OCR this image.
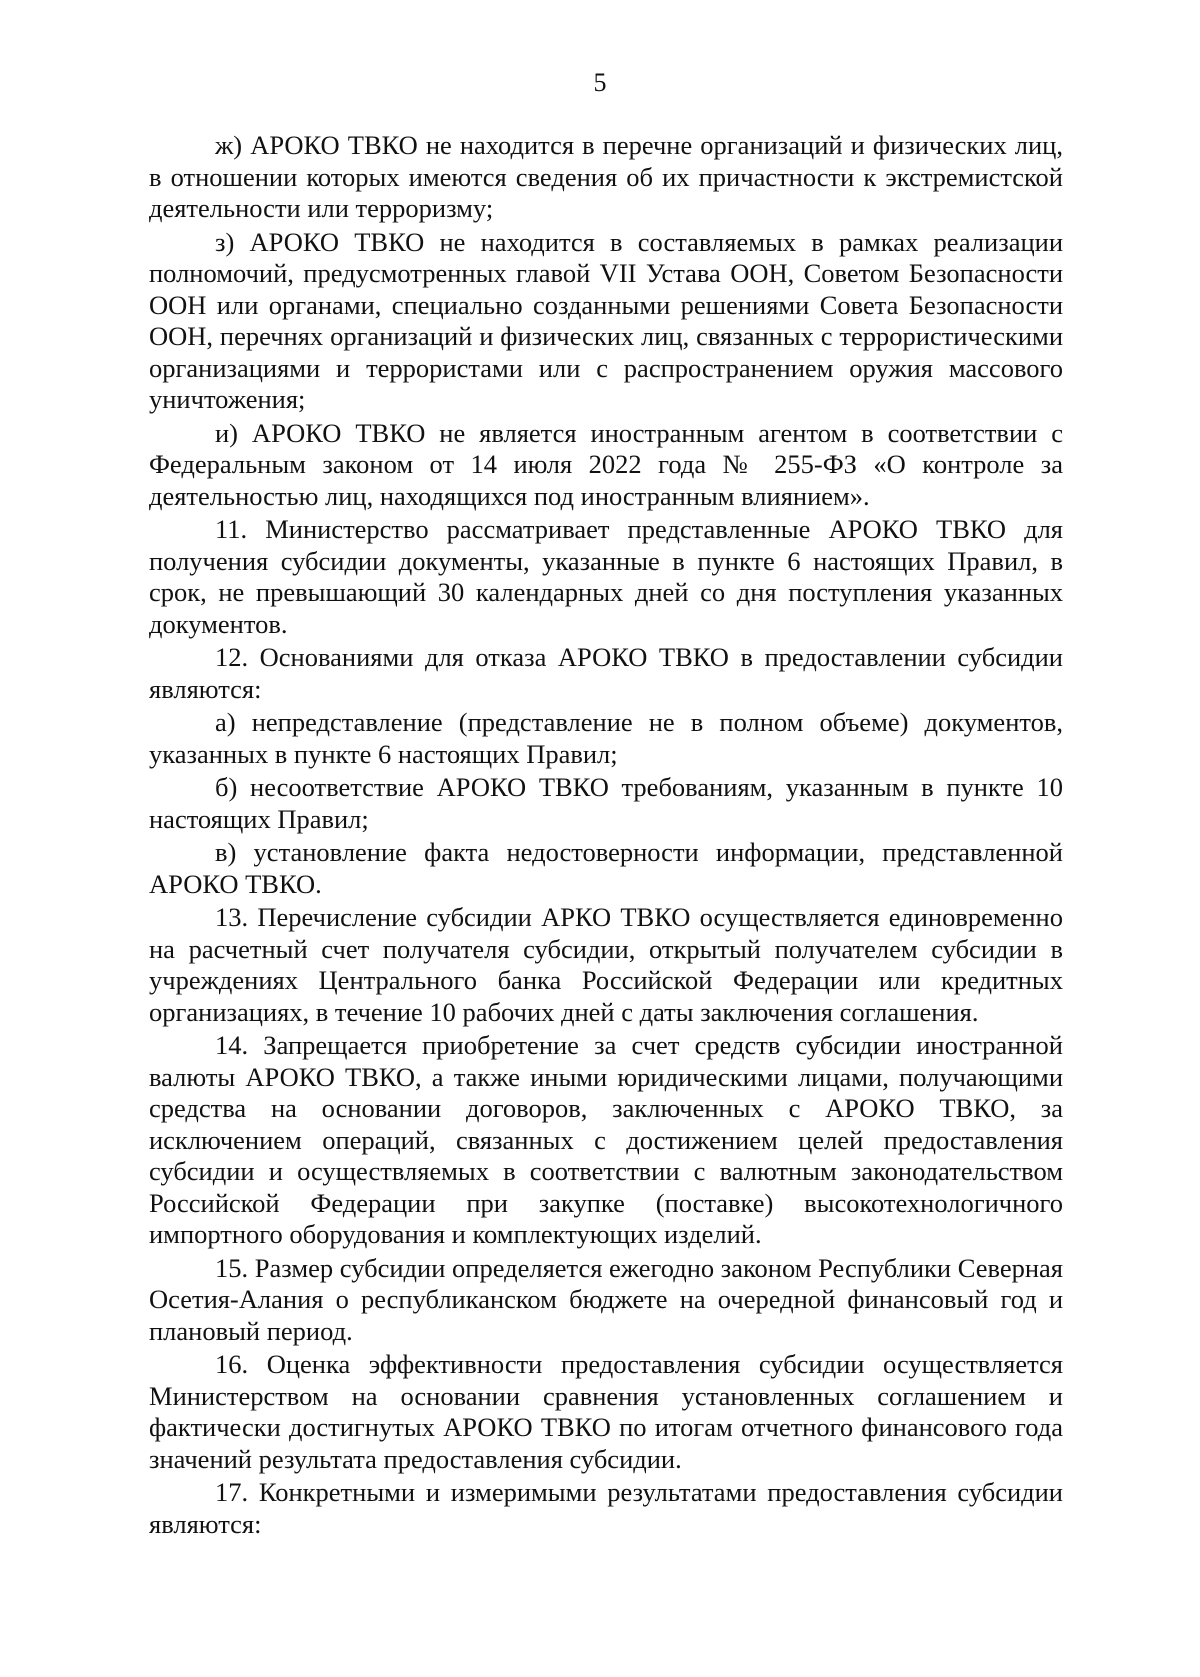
5

ж) АРОКО ТВКО не находится в перечне организаций и физических лиц, в отношении которых имеются сведения об их причастности к экстремистской деятельности или терроризму;

з) АРОКО ТВКО не находится в составляемых в рамках реализации полномочий, предусмотренных главой VII Устава ООН, Советом Безопасности ООН или органами, специально созданными решениями Совета Безопасности ООН, перечнях организаций и физических лиц, связанных с террористическими организациями и террористами или с распространением оружия массового уничтожения;

и) АРОКО ТВКО не является иностранным агентом в соответствии с Федеральным законом от 14 июля 2022 года № 255-ФЗ «О контроле за деятельностью лиц, находящихся под иностранным влиянием».

11. Министерство рассматривает представленные АРОКО ТВКО для получения субсидии документы, указанные в пункте 6 настоящих Правил, в срок, не превышающий 30 календарных дней со дня поступления указанных документов.

12. Основаниями для отказа АРОКО ТВКО в предоставлении субсидии являются:

а) непредставление (представление не в полном объеме) документов, указанных в пункте 6 настоящих Правил;

б) несоответствие АРОКО ТВКО требованиям, указанным в пункте 10 настоящих Правил;

в) установление факта недостоверности информации, представленной АРОКО ТВКО.

13. Перечисление субсидии АРКО ТВКО осуществляется единовременно на расчетный счет получателя субсидии, открытый получателем субсидии в учреждениях Центрального банка Российской Федерации или кредитных организациях, в течение 10 рабочих дней с даты заключения соглашения.

14. Запрещается приобретение за счет средств субсидии иностранной валюты АРОКО ТВКО, а также иными юридическими лицами, получающими средства на основании договоров, заключенных с АРОКО ТВКО, за исключением операций, связанных с достижением целей предоставления субсидии и осуществляемых в соответствии с валютным законодательством Российской Федерации при закупке (поставке) высокотехнологичного импортного оборудования и комплектующих изделий.

15. Размер субсидии определяется ежегодно законом Республики Северная Осетия-Алания о республиканском бюджете на очередной финансовый год и плановый период.

16. Оценка эффективности предоставления субсидии осуществляется Министерством на основании сравнения установленных соглашением и фактически достигнутых АРОКО ТВКО по итогам отчетного финансового года значений результата предоставления субсидии.

17. Конкретными и измеримыми результатами предоставления субсидии являются:
